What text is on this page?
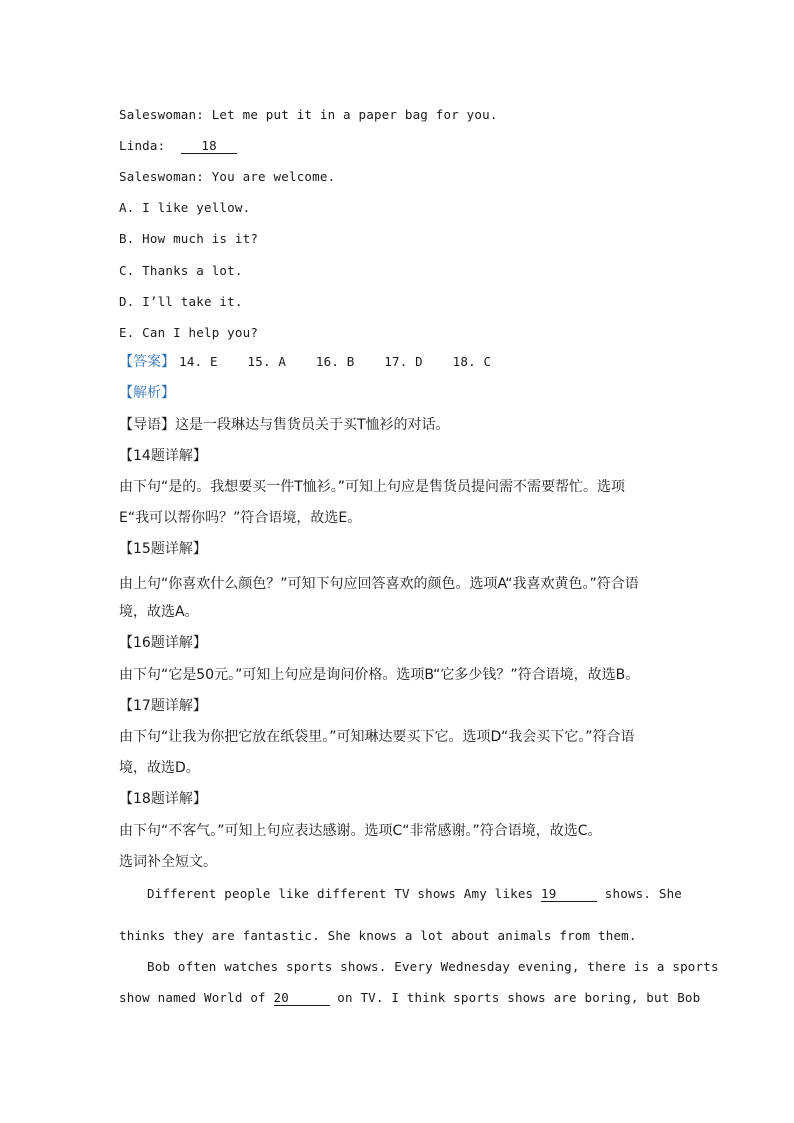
Saleswoman: Let me put it in a paper bag for you.
Linda:	18
Saleswoman: You are welcome.
A. I like yellow.
B. How much is it?
C. Thanks a lot.
D. I’ll take it.
E. Can I help you?
【答案】 14. E 15. A 16. B 17. D 18. C
【解析】
【导语】这是一段琳达与售货员关于买T恤衫的对话。
【14题详解】
由下句“是的。我想要买一件T恤衫。”可知上句应是售货员提问需不需要帮忙。选项
E“我可以帮你吗？”符合语境，故选E。
【15题详解】
由上句“你喜欢什么颜色？”可知下句应回答喜欢的颜色。选项A“我喜欢黄色。”符合语
境，故选A。
【16题详解】
由下句“它是50元。”可知上句应是询问价格。选项B“它多少钱？”符合语境，故选B。
【17题详解】
由下句“让我为你把它放在纸袋里。”可知琳达要买下它。选项D“我会买下它。”符合语
境，故选D。
【18题详解】
由下句“不客气。”可知上句应表达感谢。选项C“非常感谢。”符合语境，故选C。
选词补全短文。
Different people like different TV shows Amy likes 19	shows. She
thinks they are fantastic. She knows a lot about animals from them.
Bob often watches sports shows. Every Wednesday evening, there is a sports
show named World of 20	on TV. I think sports shows are boring, but Bob
